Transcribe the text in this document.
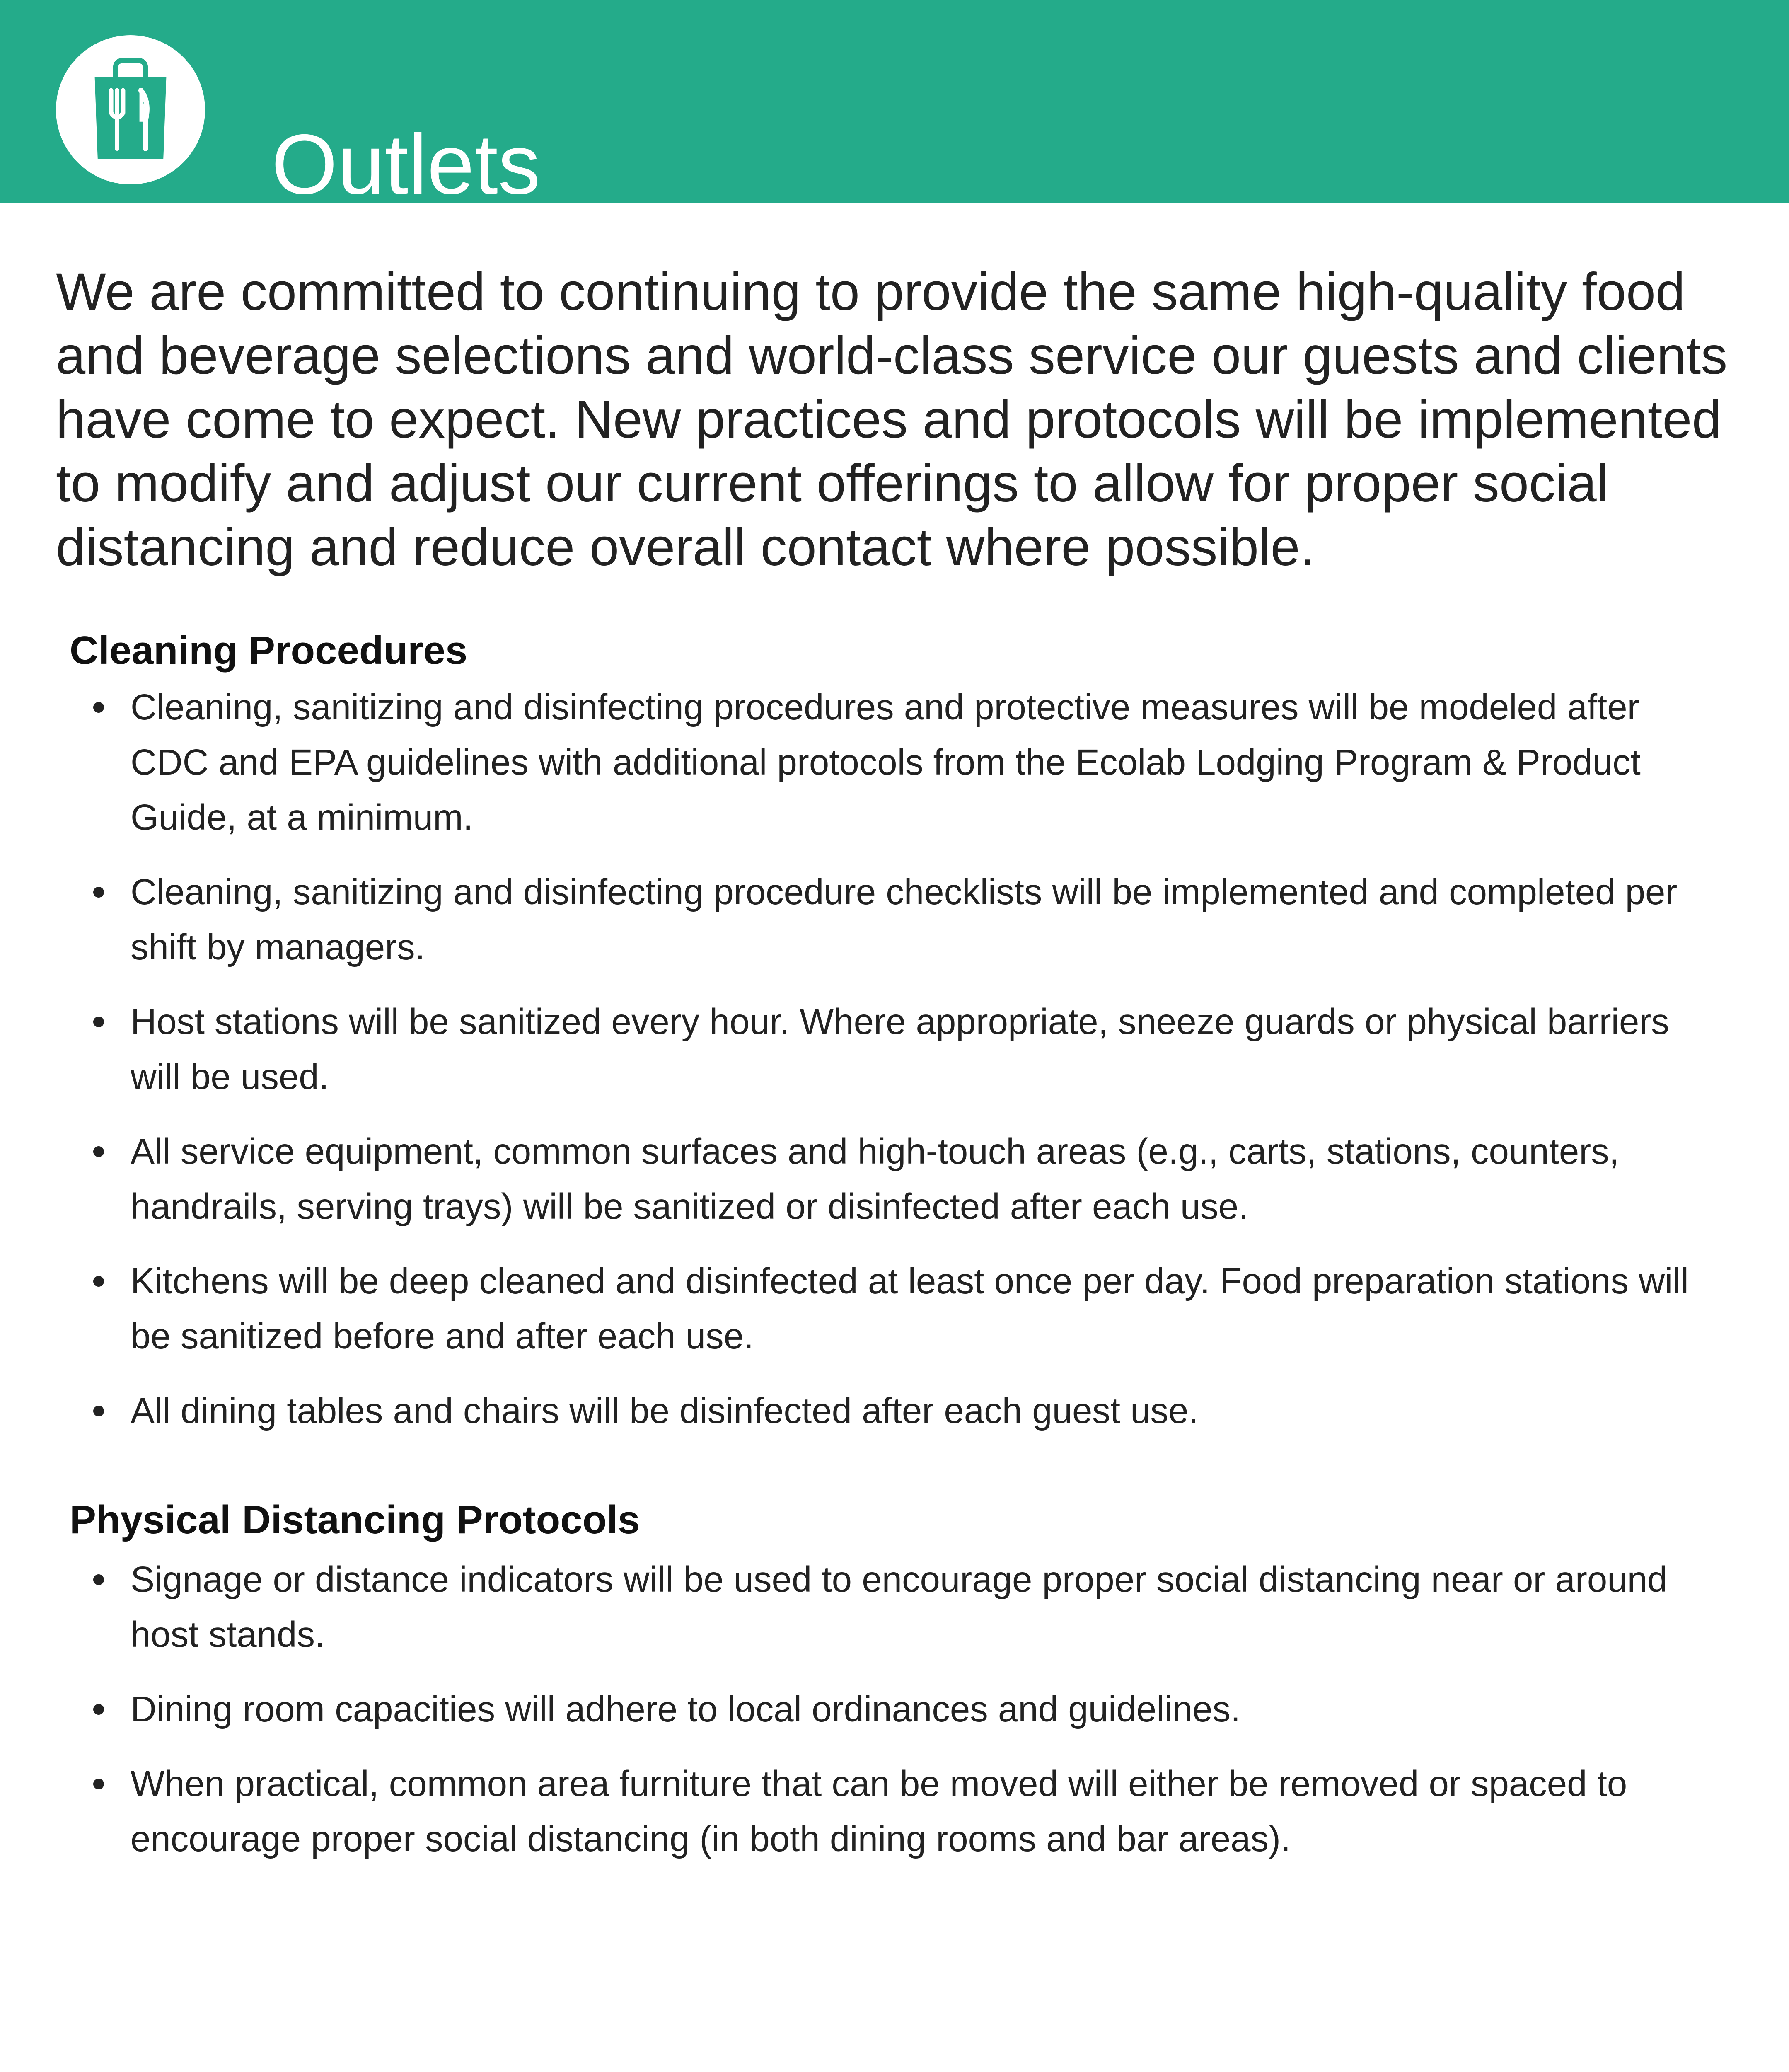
Outlets

We are committed to continuing to provide the same high-quality food and beverage selections and world-class service our guests and clients have come to expect. New practices and protocols will be implemented to modify and adjust our current offerings to allow for proper social distancing and reduce overall contact where possible.

Cleaning Procedures
Cleaning, sanitizing and disinfecting procedures and protective measures will be modeled after CDC and EPA guidelines with additional protocols from the Ecolab Lodging Program & Product Guide, at a minimum.
Cleaning, sanitizing and disinfecting procedure checklists will be implemented and completed per shift by managers.
Host stations will be sanitized every hour. Where appropriate, sneeze guards or physical barriers will be used.
All service equipment, common surfaces and high-touch areas (e.g., carts, stations, counters, handrails, serving trays) will be sanitized or disinfected after each use.
Kitchens will be deep cleaned and disinfected at least once per day. Food preparation stations will be sanitized before and after each use.
All dining tables and chairs will be disinfected after each guest use.
Physical Distancing Protocols
Signage or distance indicators will be used to encourage proper social distancing near or around host stands.
Dining room capacities will adhere to local ordinances and guidelines.
When practical, common area furniture that can be moved will either be removed or spaced to encourage proper social distancing (in both dining rooms and bar areas).
